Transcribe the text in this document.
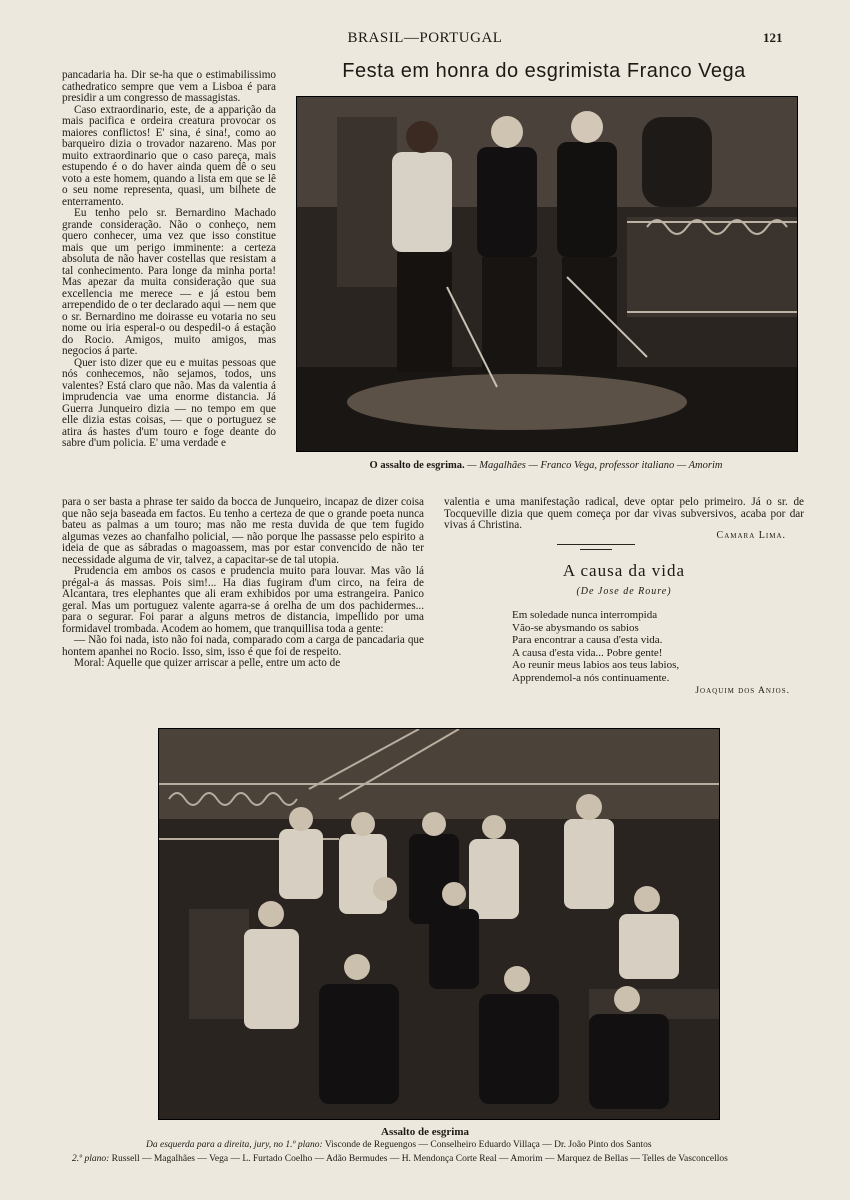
BRASIL—PORTUGAL	121
Festa em honra do esgrimista Franco Vega

pancadaria ha. Dir se-ha que o estimabilissimo cathedratico sempre que vem a Lisboa é para presidir a um congresso de massagistas.

Caso extraordinario, este, de a apparição da mais pacifica e ordeira creatura provocar os maiores conflictos! E' sina, é sina!, como ao barqueiro dizia o trovador nazareno. Mas por muito extraordinario que o caso pareça, mais estupendo é o do haver ainda quem dê o seu voto a este homem, quando a lista em que se lê o seu nome representa, quasi, um bilhete de enterramento.

Eu tenho pelo sr. Bernardino Machado grande consideração. Não o conheço, nem quero conhecer, uma vez que isso constitue mais que um perigo imminente: a certeza absoluta de não haver costellas que resistam a tal conhecimento. Para longe da minha porta! Mas apezar da muita consideração que sua excellencia me merece — e já estou bem arrependido de o ter declarado aqui — nem que o sr. Bernardino me doirasse eu votaria no seu nome ou iria esperal-o ou despedil-o á estação do Rocio. Amigos, muito amigos, mas negocios á parte.

Quer isto dizer que eu e muitas pessoas que nós conhecemos, não sejamos, todos, uns valentes? Está claro que não. Mas da valentia á imprudencia vae uma enorme distancia. Já Guerra Junqueiro dizia — no tempo em que elle dizia estas coisas, — que o portuguez se atira ás hastes d'um touro e foge deante do sabre d'um policia. E' uma verdade e

O assalto de esgrima. — Magalhães — Franco Vega, professor italiano — Amorim

para o ser basta a phrase ter saido da bocca de Junqueiro, incapaz de dizer coisa que não seja baseada em factos. Eu tenho a certeza de que o grande poeta nunca bateu as palmas a um touro; mas não me resta duvida de que tem fugido algumas vezes ao chanfalho policial, — não porque lhe passasse pelo espirito a ideia de que as sábradas o magoassem, mas por estar convencido de não ter necessidade alguma de vir, talvez, a capacitar-se de tal utopia.

Prudencia em ambos os casos e prudencia muito para louvar. Mas vão lá prégal-a ás massas. Pois sim!... Ha dias fugiram d'um circo, na feira de Alcantara, tres elephantes que ali eram exhibidos por uma estrangeira. Panico geral. Mas um portuguez valente agarra-se á orelha de um dos pachidermes... para o segurar. Foi parar a alguns metros de distancia, impellido por uma formidavel trombada. Acodem ao homem, que tranquillisa toda a gente:

— Não foi nada, isto não foi nada, comparado com a carga de pancadaria que hontem apanhei no Rocio. Isso, sim, isso é que foi de respeito.

Moral: Aquelle que quizer arriscar a pelle, entre um acto de

valentia e uma manifestação radical, deve optar pelo primeiro. Já o sr. de Tocqueville dizia que quem começa por dar vivas subversivos, acaba por dar vivas á Christina.

Camara Lima.
A causa da vida
(De Jose de Roure)
Em soledade nunca interrompida
Vão-se abysmando os sabios
Para encontrar a causa d'esta vida.
A causa d'esta vida... Pobre gente!
Ao reunir meus labios aos teus labios,
Apprendemol-a nós continuamente.
Joaquim dos Anjos.
Assalto de esgrima
Da esquerda para a direita, jury, no 1.º plano: Visconde de Reguengos — Conselheiro Eduardo Villaça — Dr. João Pinto dos Santos
2.º plano: Russell — Magalhães — Vega — L. Furtado Coelho — Adão Bermudes — H. Mendonça Corte Real — Amorim — Marquez de Bellas — Telles de Vasconcellos
